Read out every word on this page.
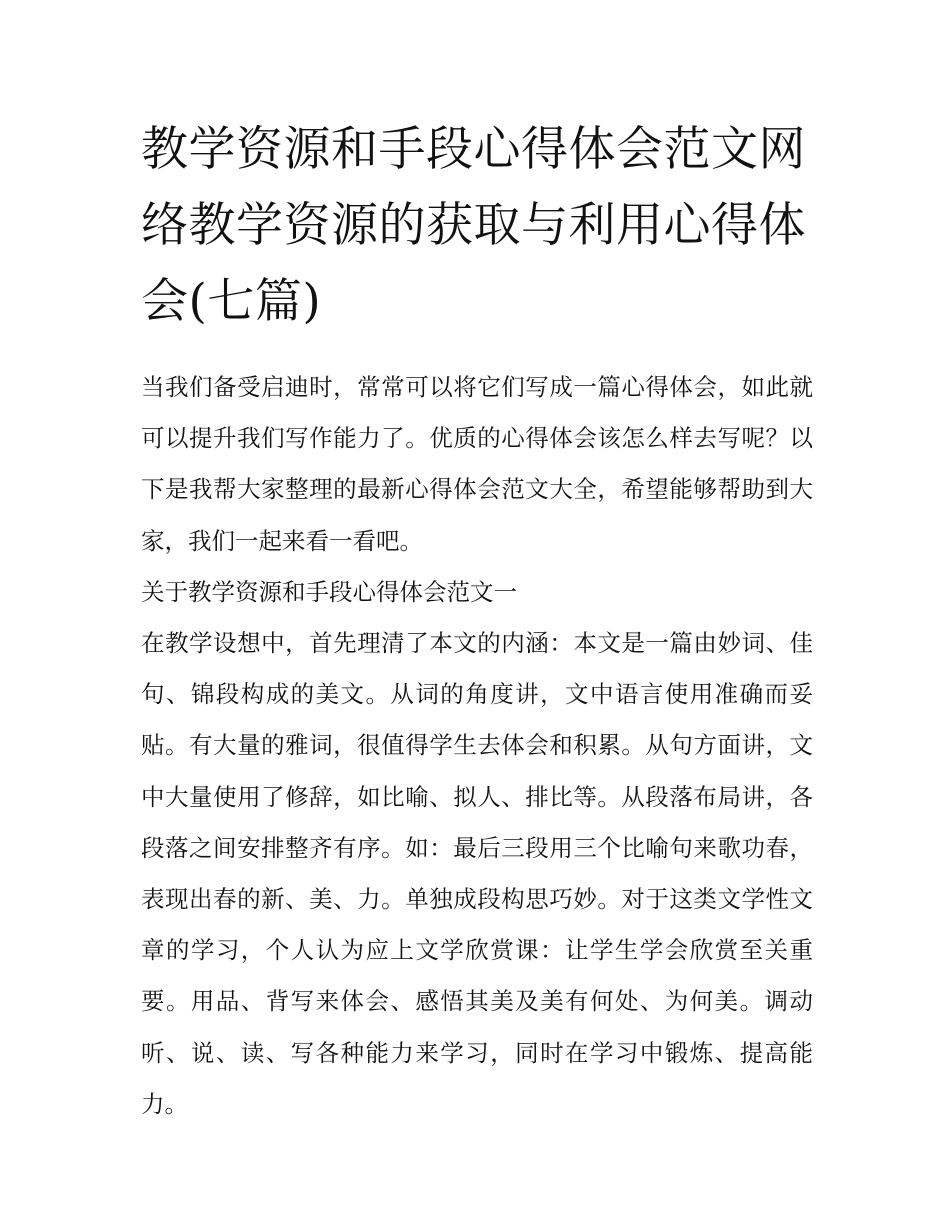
教学资源和手段心得体会范文网络教学资源的获取与利用心得体会(七篇)

当我们备受启迪时，常常可以将它们写成一篇心得体会，如此就可以提升我们写作能力了。优质的心得体会该怎么样去写呢？以下是我帮大家整理的最新心得体会范文大全，希望能够帮助到大家，我们一起来看一看吧。

关于教学资源和手段心得体会范文一

在教学设想中，首先理清了本文的内涵：本文是一篇由妙词、佳句、锦段构成的美文。从词的角度讲，文中语言使用准确而妥贴。有大量的雅词，很值得学生去体会和积累。从句方面讲，文中大量使用了修辞，如比喻、拟人、排比等。从段落布局讲，各段落之间安排整齐有序。如：最后三段用三个比喻句来歌功春，表现出春的新、美、力。单独成段构思巧妙。对于这类文学性文章的学习，个人认为应上文学欣赏课：让学生学会欣赏至关重要。用品、背写来体会、感悟其美及美有何处、为何美。调动听、说、读、写各种能力来学习，同时在学习中锻炼、提高能力。
